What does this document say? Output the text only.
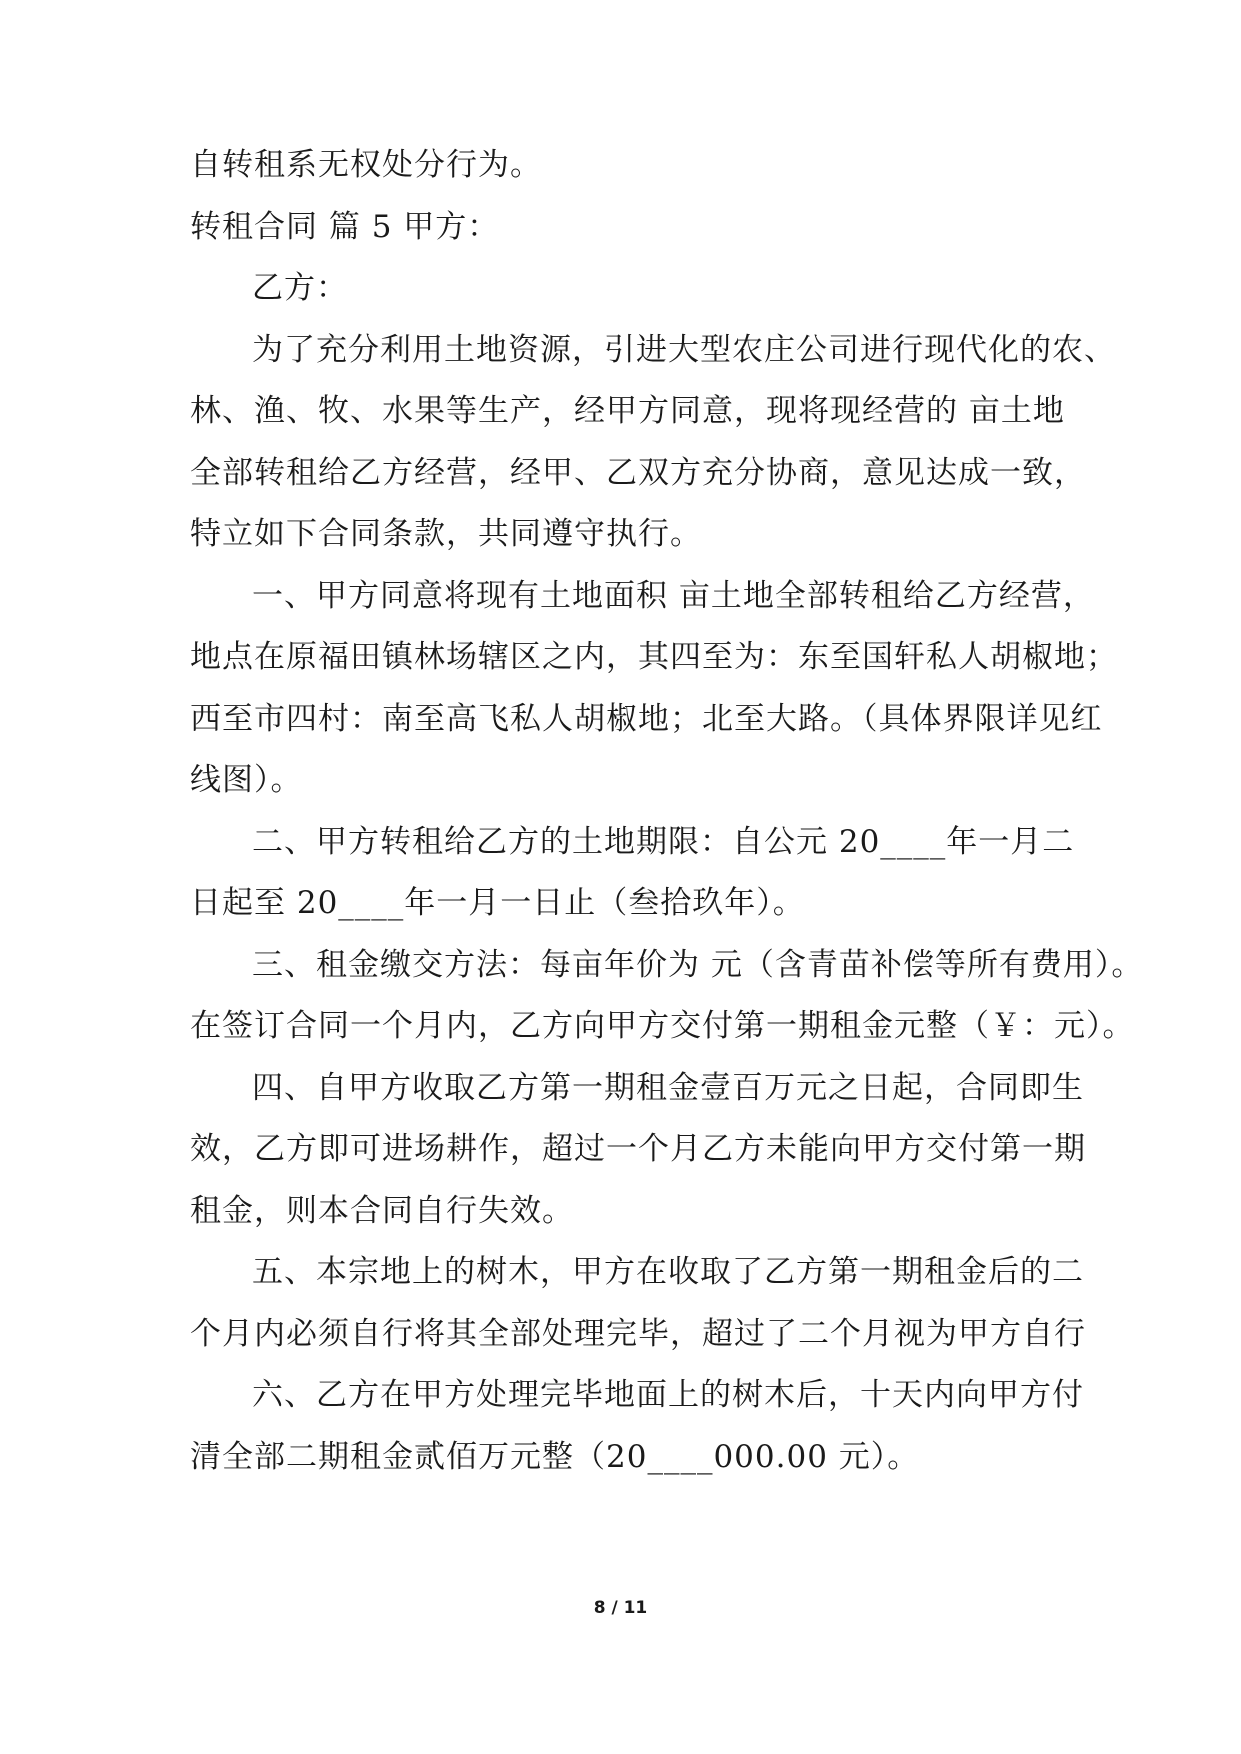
自转租系无权处分行为。
转租合同 篇 5 甲方：
乙方：
为了充分利用土地资源，引进大型农庄公司进行现代化的农、
林、渔、牧、水果等生产，经甲方同意，现将现经营的 亩土地
全部转租给乙方经营，经甲、乙双方充分协商，意见达成一致，
特立如下合同条款，共同遵守执行。
一、甲方同意将现有土地面积 亩土地全部转租给乙方经营，
地点在原福田镇林场辖区之内，其四至为：东至国轩私人胡椒地；
西至市四村：南至高飞私人胡椒地；北至大路。（具体界限详见红
线图）。
二、甲方转租给乙方的土地期限：自公元 20____年一月二
日起至 20____年一月一日止（叁拾玖年）。
三、租金缴交方法：每亩年价为 元（含青苗补偿等所有费用）。
在签订合同一个月内，乙方向甲方交付第一期租金元整（￥：元）。
四、自甲方收取乙方第一期租金壹百万元之日起，合同即生
效，乙方即可进场耕作，超过一个月乙方未能向甲方交付第一期
租金，则本合同自行失效。
五、本宗地上的树木，甲方在收取了乙方第一期租金后的二
个月内必须自行将其全部处理完毕，超过了二个月视为甲方自行
六、乙方在甲方处理完毕地面上的树木后，十天内向甲方付
清全部二期租金贰佰万元整（20____000.00 元）。
8 / 11
